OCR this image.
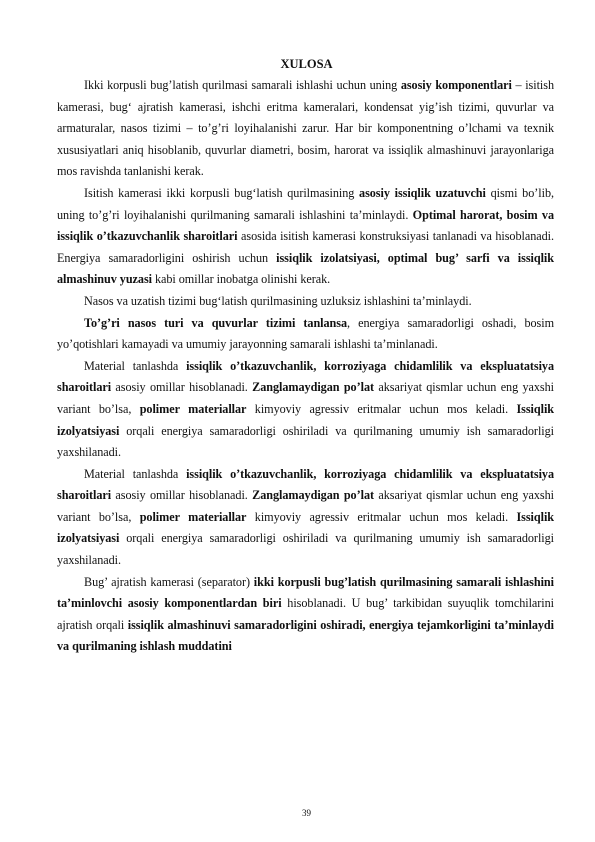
XULOSA

Ikki korpusli bug’latish qurilmasi samarali ishlashi uchun uning asosiy komponentlari – isitish kamerasi, bug‘ ajratish kamerasi, ishchi eritma kameralari, kondensat yig’ish tizimi, quvurlar va armaturalar, nasos tizimi – to’g’ri loyihalanishi zarur. Har bir komponentning o’lchami va texnik xususiyatlari aniq hisoblanib, quvurlar diametri, bosim, harorat va issiqlik almashinuvi jarayonlariga mos ravishda tanlanishi kerak.

Isitish kamerasi ikki korpusli bug‘latish qurilmasining asosiy issiqlik uzatuvchi qismi bo’lib, uning to’g’ri loyihalanishi qurilmaning samarali ishlashini ta’minlaydi. Optimal harorat, bosim va issiqlik o’tkazuvchanlik sharoitlari asosida isitish kamerasi konstruksiyasi tanlanadi va hisoblanadi. Energiya samaradorligini oshirish uchun issiqlik izolatsiyasi, optimal bug’ sarfi va issiqlik almashinuv yuzasi kabi omillar inobatga olinishi kerak.

Nasos va uzatish tizimi bug‘latish qurilmasining uzluksiz ishlashini ta’minlaydi.

To’g’ri nasos turi va quvurlar tizimi tanlansa, energiya samaradorligi oshadi, bosim yo’qotishlari kamayadi va umumiy jarayonning samarali ishlashi ta’minlanadi.

Material tanlashda issiqlik o’tkazuvchanlik, korroziyaga chidamlilik va ekspluatatsiya sharoitlari asosiy omillar hisoblanadi. Zanglamaydigan po’lat aksariyat qismlar uchun eng yaxshi variant bo’lsa, polimer materiallar kimyoviy agressiv eritmalar uchun mos keladi. Issiqlik izolyatsiyasi orqali energiya samaradorligi oshiriladi va qurilmaning umumiy ish samaradorligi yaxshilanadi.

Material tanlashda issiqlik o’tkazuvchanlik, korroziyaga chidamlilik va ekspluatatsiya sharoitlari asosiy omillar hisoblanadi. Zanglamaydigan po’lat aksariyat qismlar uchun eng yaxshi variant bo’lsa, polimer materiallar kimyoviy agressiv eritmalar uchun mos keladi. Issiqlik izolyatsiyasi orqali energiya samaradorligi oshiriladi va qurilmaning umumiy ish samaradorligi yaxshilanadi.

Bug’ ajratish kamerasi (separator) ikki korpusli bug’latish qurilmasining samarali ishlashini ta’minlovchi asosiy komponentlardan biri hisoblanadi. U bug’ tarkibidan suyuqlik tomchilarini ajratish orqali issiqlik almashinuvi samaradorligini oshiradi, energiya tejamkorligini ta’minlaydi va qurilmaning ishlash muddatini

39
